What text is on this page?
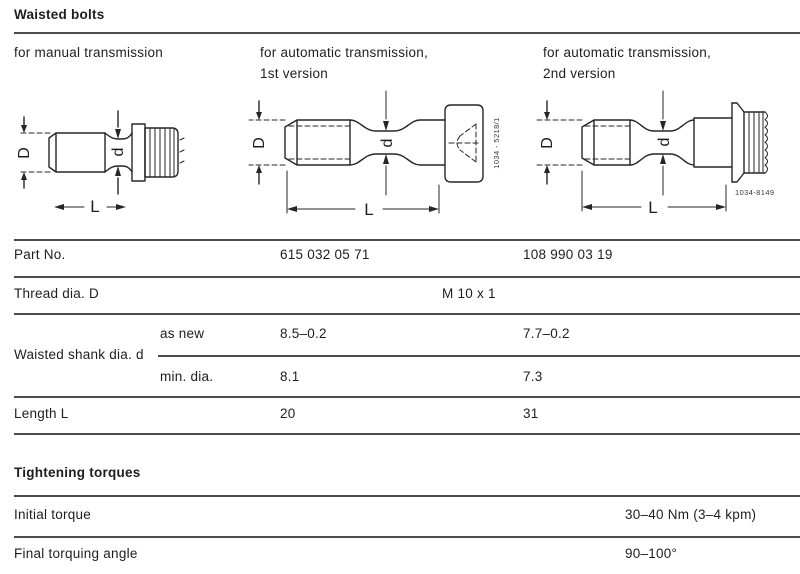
Waisted bolts
for manual transmission	for automatic transmission,
1st version
for automatic transmission,
2nd version
D	d
L
D	d
L
1034 - 5218/1 D	d
L
1034-8149
Part No.	615 032 05 71	108 990 03 19
Thread dia. D	M 10 x 1
as new	8.5–0.2	7.7–0.2
Waisted shank dia. d
min. dia.	8.1	7.3
Length L	20	31
Tightening torques
Initial torque	30–40 Nm (3–4 kpm)
Final torquing angle	90–100°
